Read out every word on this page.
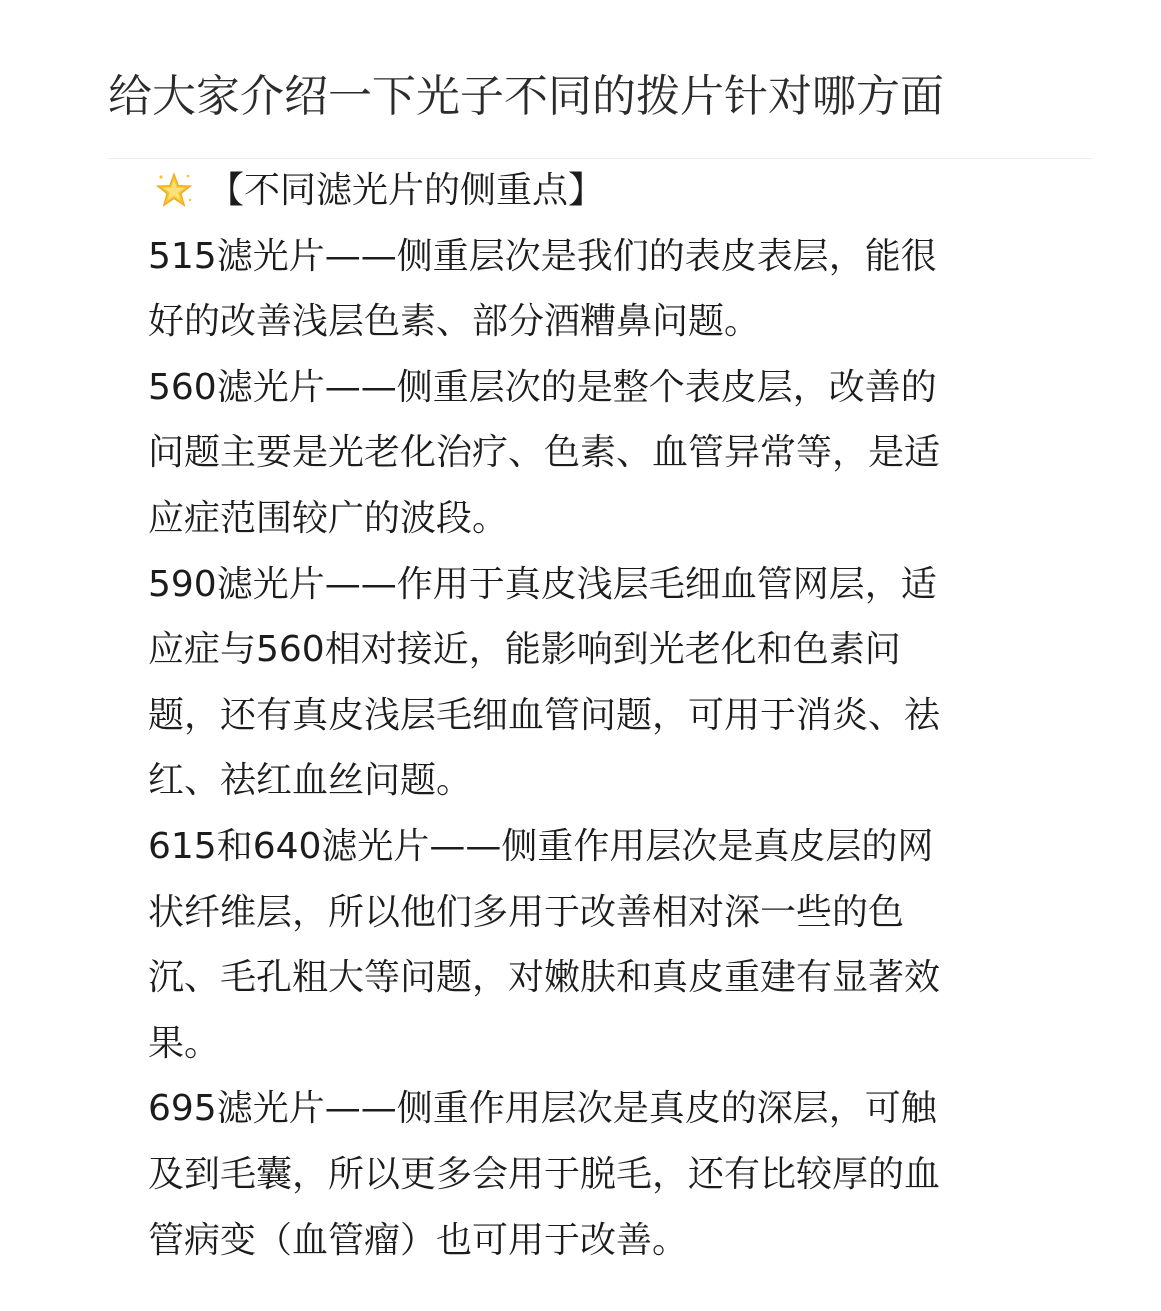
给大家介绍一下光子不同的拨片针对哪方面
【不同滤光片的侧重点】
515滤光片——侧重层次是我们的表皮表层，能很
好的改善浅层色素、部分酒糟鼻问题。
560滤光片——侧重层次的是整个表皮层，改善的
问题主要是光老化治疗、色素、血管异常等，是适
应症范围较广的波段。
590滤光片——作用于真皮浅层毛细血管网层，适
应症与560相对接近，能影响到光老化和色素问
题，还有真皮浅层毛细血管问题，可用于消炎、祛
红、祛红血丝问题。
615和640滤光片——侧重作用层次是真皮层的网
状纤维层，所以他们多用于改善相对深一些的色
沉、毛孔粗大等问题，对嫩肤和真皮重建有显著效
果。
695滤光片——侧重作用层次是真皮的深层，可触
及到毛囊，所以更多会用于脱毛，还有比较厚的血
管病变（血管瘤）也可用于改善。
